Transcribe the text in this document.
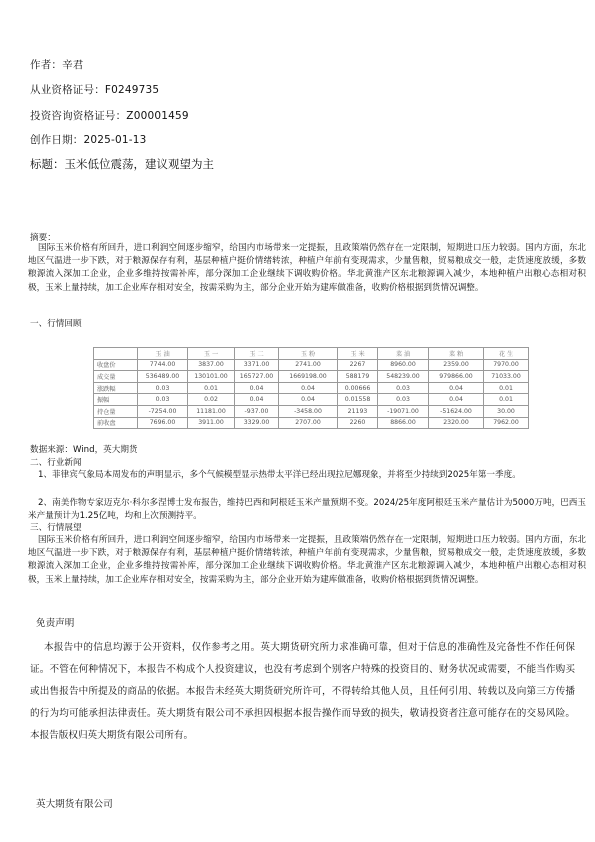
作者：辛君
从业资格证号：F0249735
投资咨询资格证号：Z00001459
创作日期：2025-01-13
标题：玉米低位震荡，建议观望为主
摘要：
国际玉米价格有所回升，进口利润空间逐步缩窄，给国内市场带来一定提振，且政策端仍然存在一定限制，短期进口压力较弱。国内方面，东北地区气温进一步下跌，对于粮源保存有利，基层种植户挺价情绪转浓，种植户年前有变现需求，少量售粮，贸易粮成交一般，走货速度放缓，多数粮源流入深加工企业，企业多维持按需补库，部分深加工企业继续下调收购价格。华北黄淮产区东北粮源调入减少，本地种植户出粮心态相对积极，玉米上量持续，加工企业库存相对安全，按需采购为主，部分企业开始为建库做准备，收购价格根据到货情况调整。
一、行情回顾
	玉 油	玉 一	玉 二	玉 粉	玉 米	菜 油	菜 粕	花 生
收盘价	7744.00	3837.00	3371.00	2741.00	2267	8960.00	2359.00	7970.00
成交量	536489.00	130101.00	165727.00	1669198.00	588179	548239.00	979866.00	71033.00
涨跌幅	0.03	0.01	0.04	0.04	0.00666	0.03	0.04	0.01
振幅	0.03	0.02	0.04	0.04	0.01558	0.03	0.04	0.01
持仓量	-7254.00	11181.00	-937.00	-3458.00	21193	-19071.00	-51624.00	30.00
前收盘	7696.00	3911.00	3329.00	2707.00	2260	8866.00	2320.00	7962.00
数据来源：Wind，英大期货
二、行业新闻
1、菲律宾气象局本周发布的声明显示，多个气候模型显示热带太平洋已经出现拉尼娜现象，并将至少持续到2025年第一季度。
2、南美作物专家迈克尔·科尔多涅博士发布报告，维持巴西和阿根廷玉米产量预期不变。2024/25年度阿根廷玉米产量估计为5000万吨，巴西玉米产量预计为1.25亿吨，均和上次预测持平。
三、行情展望
国际玉米价格有所回升，进口利润空间逐步缩窄，给国内市场带来一定提振，且政策端仍然存在一定限制，短期进口压力较弱。国内方面，东北地区气温进一步下跌，对于粮源保存有利，基层种植户挺价情绪转浓，种植户年前有变现需求，少量售粮，贸易粮成交一般，走货速度放缓，多数粮源流入深加工企业，企业多维持按需补库，部分深加工企业继续下调收购价格。华北黄淮产区东北粮源调入减少，本地种植户出粮心态相对积极，玉米上量持续，加工企业库存相对安全，按需采购为主，部分企业开始为建库做准备，收购价格根据到货情况调整。
免责声明
本报告中的信息均源于公开资料，仅作参考之用。英大期货研究所力求准确可靠，但对于信息的准确性及完备性不作任何保证。不管在何种情况下，本报告不构成个人投资建议，也没有考虑到个别客户特殊的投资目的、财务状况或需要，不能当作购买或出售报告中所提及的商品的依据。本报告未经英大期货研究所许可，不得转给其他人员，且任何引用、转载以及向第三方传播的行为均可能承担法律责任。英大期货有限公司不承担因根据本报告操作而导致的损失，敬请投资者注意可能存在的交易风险。本报告版权归英大期货有限公司所有。
英大期货有限公司
